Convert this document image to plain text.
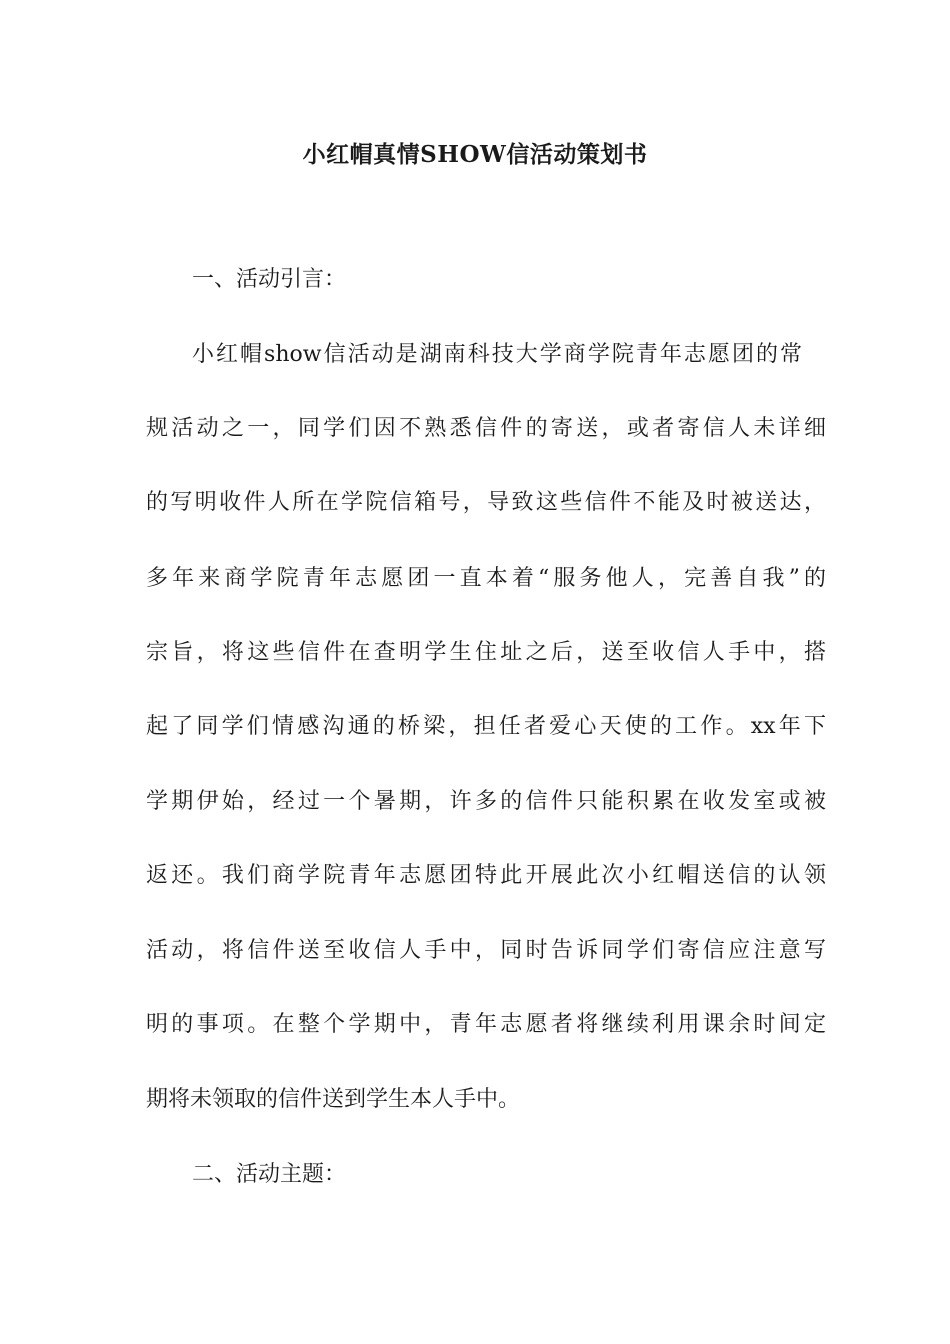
小红帽真情SHOW信活动策划书
一、活动引言：
小红帽show信活动是湖南科技大学商学院青年志愿团的常
规活动之一，同学们因不熟悉信件的寄送，或者寄信人未详细
的写明收件人所在学院信箱号，导致这些信件不能及时被送达，
多年来商学院青年志愿团一直本着“服务他人，完善自我”的
宗旨，将这些信件在查明学生住址之后，送至收信人手中，搭
起了同学们情感沟通的桥梁，担任者爱心天使的工作。xx年下
学期伊始，经过一个暑期，许多的信件只能积累在收发室或被
返还。我们商学院青年志愿团特此开展此次小红帽送信的认领
活动，将信件送至收信人手中，同时告诉同学们寄信应注意写
明的事项。在整个学期中，青年志愿者将继续利用课余时间定
期将未领取的信件送到学生本人手中。
二、活动主题：
